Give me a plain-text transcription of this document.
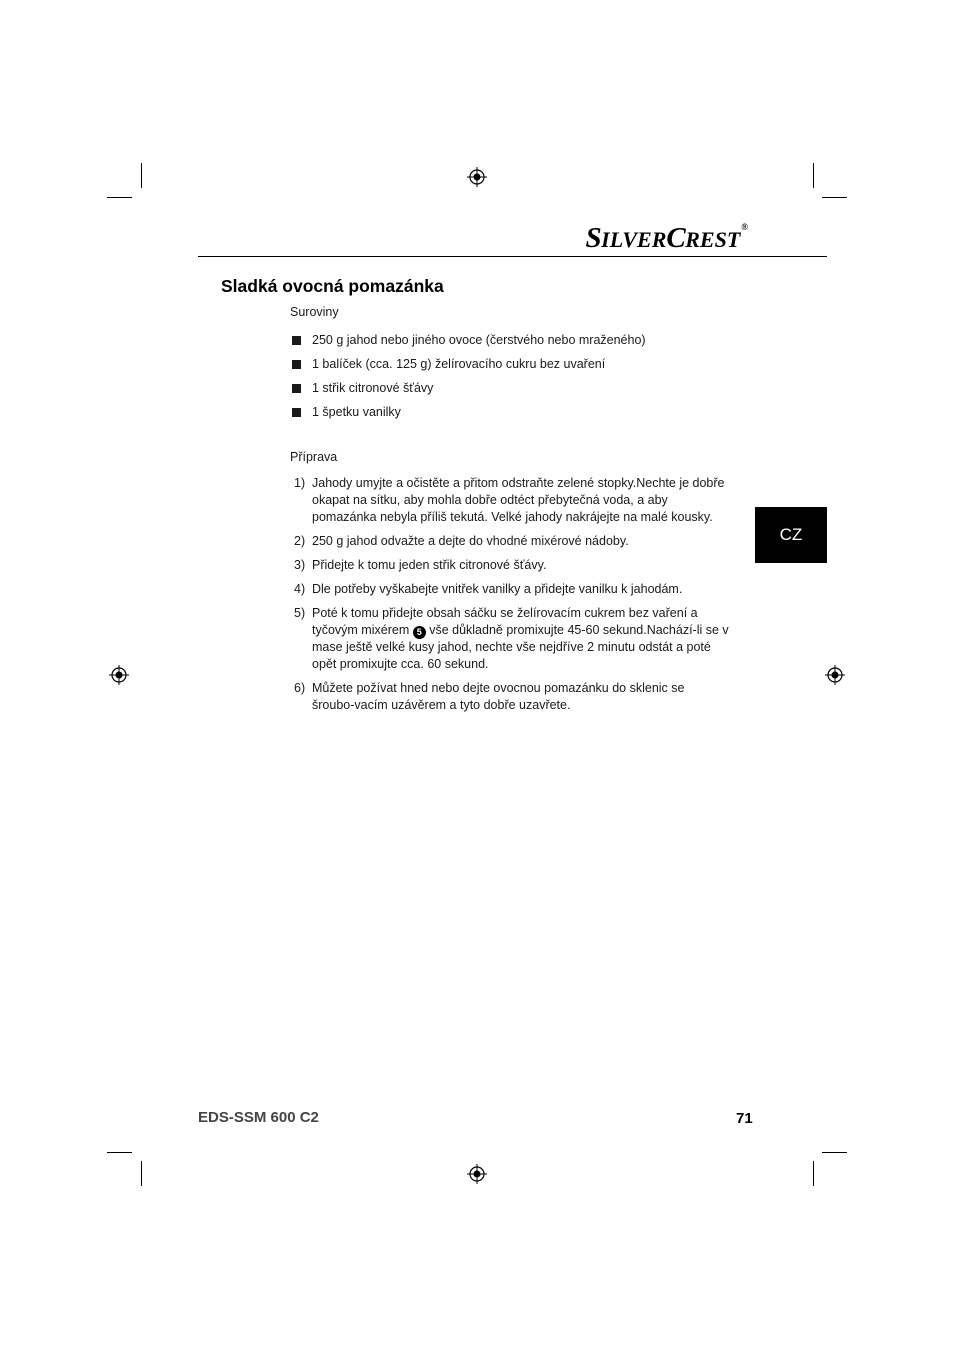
SILVERCREST®
Sladká ovocná pomazánka

Suroviny

250 g jahod nebo jiného ovoce (čerstvého nebo mraženého)
1 balíček (cca. 125 g) želírovacího cukru bez uvaření
1 střik citronové šťávy
1 špetku vanilky

Příprava

1) Jahody umyjte a očistěte a přitom odstraňte zelené stopky.Nechte je dobře okapat na sítku, aby mohla dobře odtéct přebytečná voda, a aby pomazánka nebyla příliš tekutá. Velké jahody nakrájejte na malé kousky.
2) 250 g jahod odvažte a dejte do vhodné mixérové nádoby.
3) Přidejte k tomu jeden střik citronové šťávy.
4) Dle potřeby vyškabejte vnitřek vanilky a přidejte vanilku k jahodám.
5) Poté k tomu přidejte obsah sáčku se želírovacím cukrem bez vaření a tyčovým mixérem 5 vše důkladně promixujte 45-60 sekund.Nachází-li se v mase ještě velké kusy jahod, nechte vše nejdříve 2 minutu odstát a poté opět promixujte cca. 60 sekund.
6) Můžete požívat hned nebo dejte ovocnou pomazánku do sklenic se šroubo-vacím uzávěrem a tyto dobře uzavřete.
CZ
EDS-SSM 600 C2	71
